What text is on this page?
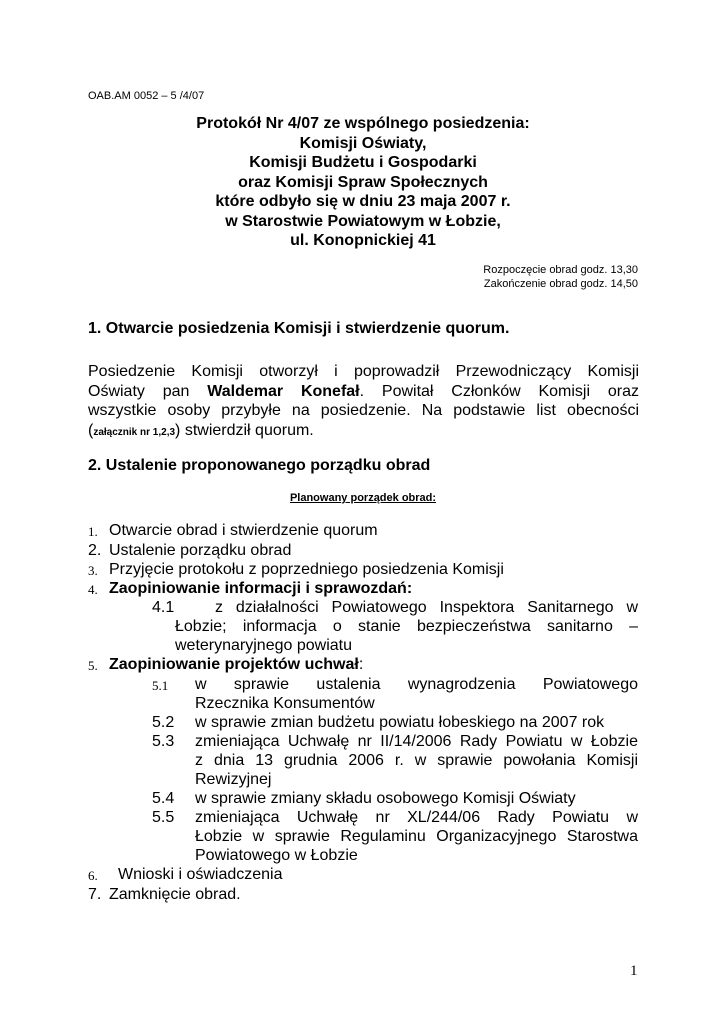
OAB.AM 0052 – 5 /4/07
Protokół Nr 4/07 ze wspólnego posiedzenia:
Komisji Oświaty,
Komisji Budżetu i Gospodarki
oraz Komisji Spraw Społecznych
które odbyło się w dniu 23 maja 2007 r.
w Starostwie Powiatowym w Łobzie,
ul. Konopnickiej 41
Rozpoczęcie obrad godz. 13,30
Zakończenie obrad godz. 14,50
1. Otwarcie posiedzenia Komisji i stwierdzenie quorum.
Posiedzenie Komisji otworzył i poprowadził Przewodniczący Komisji
Oświaty pan Waldemar Konefał. Powitał Członków Komisji oraz
wszystkie osoby przybyłe na posiedzenie. Na podstawie list obecności
(załącznik nr 1,2,3) stwierdził quorum.
2. Ustalenie proponowanego porządku obrad
Planowany porządek obrad:
1. Otwarcie obrad i stwierdzenie quorum
2. Ustalenie porządku obrad
3. Przyjęcie protokołu z poprzedniego posiedzenia Komisji
4. Zaopiniowanie informacji i sprawozdań:
4.1	z działalności Powiatowego Inspektora Sanitarnego w
Łobzie; informacja o stanie bezpieczeństwa sanitarno –
weterynaryjnego powiatu
5. Zaopiniowanie projektów uchwał:
5.1 w sprawie ustalenia wynagrodzenia Powiatowego
Rzecznika Konsumentów
5.2 w sprawie zmian budżetu powiatu łobeskiego na 2007 rok
5.3 zmieniająca Uchwałę nr II/14/2006 Rady Powiatu w Łobzie
z dnia 13 grudnia 2006 r. w sprawie powołania Komisji
Rewizyjnej
5.4 w sprawie zmiany składu osobowego Komisji Oświaty
5.5 zmieniająca Uchwałę nr XL/244/06 Rady Powiatu w
Łobzie w sprawie Regulaminu Organizacyjnego Starostwa
Powiatowego w Łobzie
6. Wnioski i oświadczenia
7. Zamknięcie obrad.
1
